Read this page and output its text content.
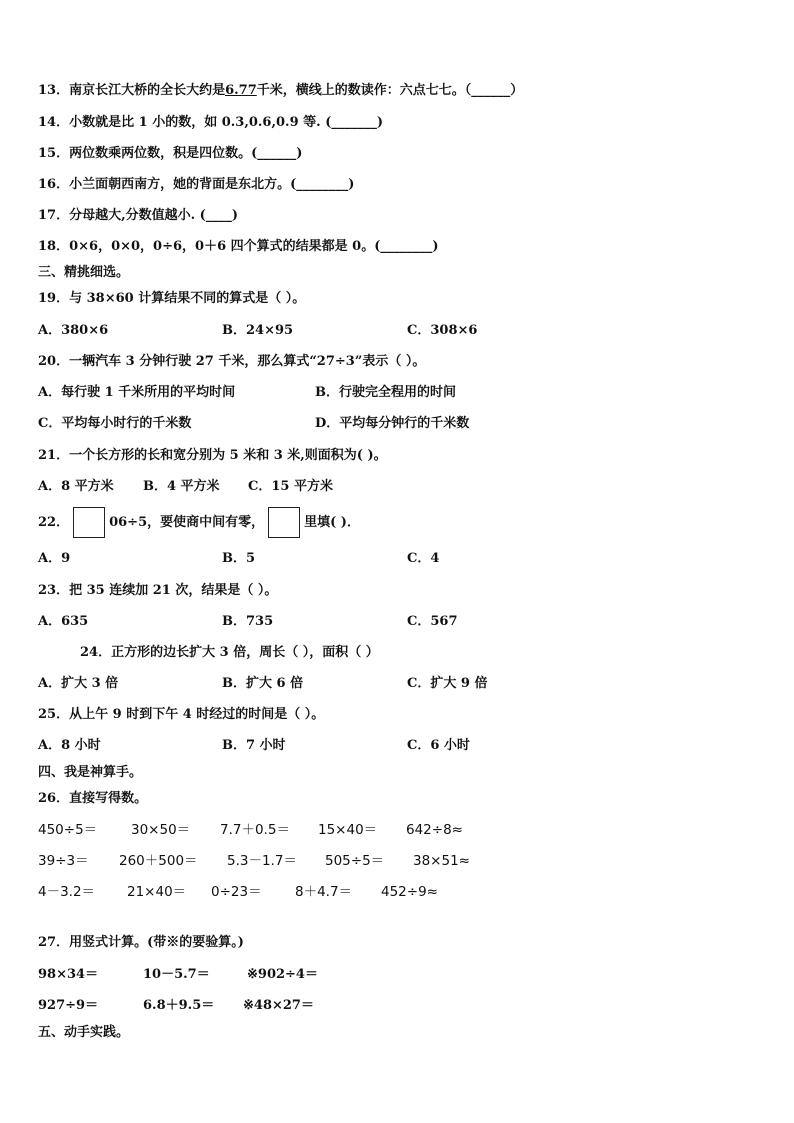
13．南京长江大桥的全长大约是6.77千米，横线上的数读作：六点七七。（______）
14．小数就是比 1 小的数，如 0.3,0.6,0.9 等. (_______)
15．两位数乘两位数，积是四位数。(______)
16．小兰面朝西南方，她的背面是东北方。(________)
17．分母越大,分数值越小. (____)
18．0×6，0×0，0÷6，0＋6 四个算式的结果都是 0。(________)
三、精挑细选。
19．与 38×60 计算结果不同的算式是（ ）。
A．380×6	B．24×95	C．308×6
20．一辆汽车 3 分钟行驶 27 千米，那么算式“27÷3”表示（ ）。
A．每行驶 1 千米所用的平均时间	B．行驶完全程用的时间
C．平均每小时行的千米数	D．平均每分钟行的千米数
21．一个长方形的长和宽分别为 5 米和 3 米,则面积为( )。
A．8 平方米 B．4 平方米 C．15 平方米
22．	06÷5，要使商中间有零，	里填( )．
A．9	B．5	C．4
23．把 35 连续加 21 次，结果是（ ）。
A．635	B．735	C．567
24．正方形的边长扩大 3 倍，周长（ ），面积（ ）
A．扩大 3 倍	B．扩大 6 倍	C．扩大 9 倍
25．从上午 9 时到下午 4 时经过的时间是（ ）。
A．8 小时	B．7 小时	C．6 小时
四、我是神算手。
26．直接写得数。
450÷5＝	30×50＝ 7.7＋0.5＝ 15×40＝ 642÷8≈
39÷3＝ 260＋500＝ 5.3－1.7＝ 505÷5＝ 38×51≈
4－3.2＝ 21×40＝ 0÷23＝ 8＋4.7＝ 452÷9≈
27．用竖式计算。(带※的要验算。)
98×34＝	10－5.7＝	※902÷4＝
927÷9＝	6.8＋9.5＝ ※48×27＝
五、动手实践。
